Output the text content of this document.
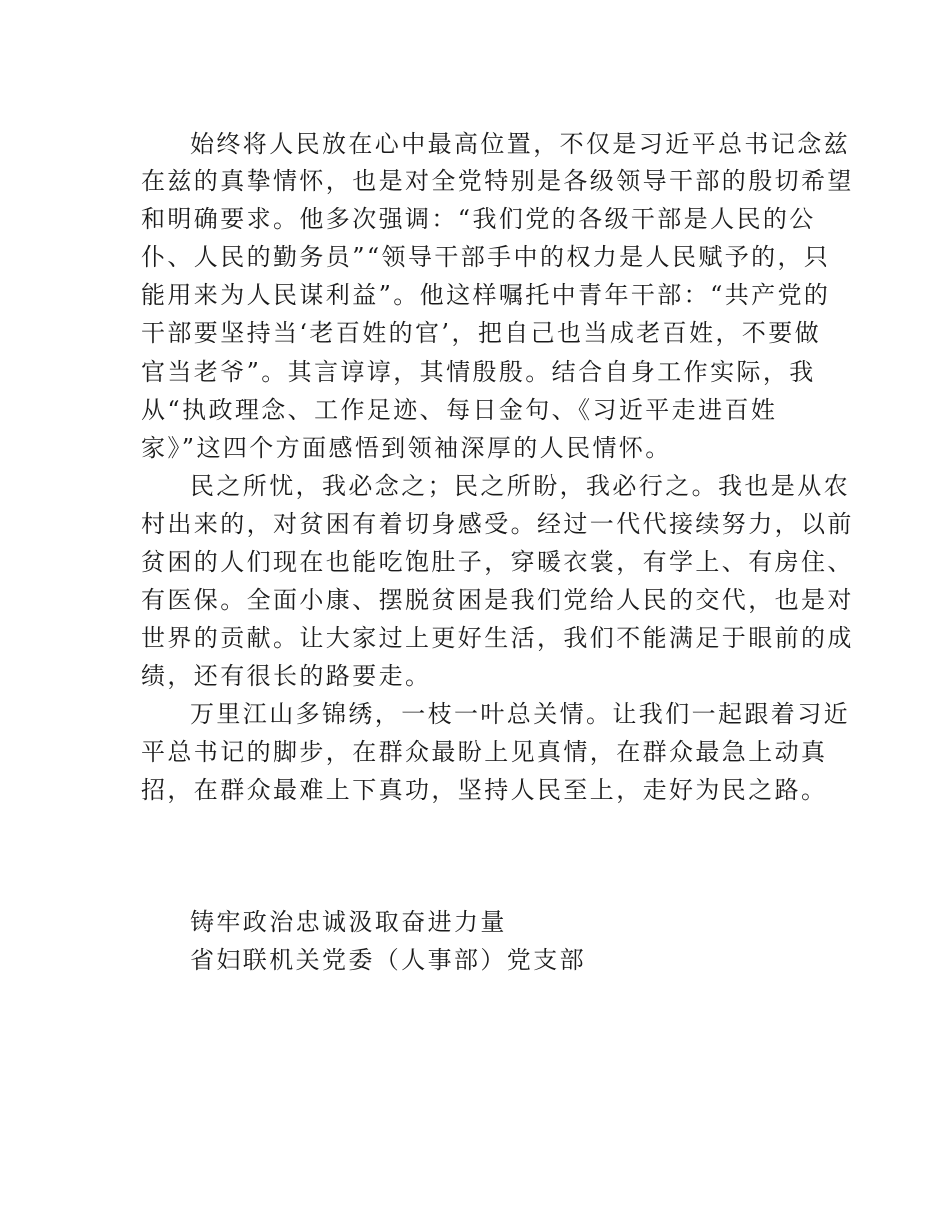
始终将人民放在心中最高位置，不仅是习近平总书记念兹
在兹的真挚情怀，也是对全党特别是各级领导干部的殷切希望
和明确要求。他多次强调：“我们党的各级干部是人民的公
仆、人民的勤务员”“领导干部手中的权力是人民赋予的，只
能用来为人民谋利益”。他这样嘱托中青年干部：“共产党的
干部要坚持当‘老百姓的官’，把自己也当成老百姓，不要做
官当老爷”。其言谆谆，其情殷殷。结合自身工作实际，我
从“执政理念、工作足迹、每日金句、《习近平走进百姓
家》”这四个方面感悟到领袖深厚的人民情怀。
民之所忧，我必念之；民之所盼，我必行之。我也是从农
村出来的，对贫困有着切身感受。经过一代代接续努力，以前
贫困的人们现在也能吃饱肚子，穿暖衣裳，有学上、有房住、
有医保。全面小康、摆脱贫困是我们党给人民的交代，也是对
世界的贡献。让大家过上更好生活，我们不能满足于眼前的成
绩，还有很长的路要走。
万里江山多锦绣，一枝一叶总关情。让我们一起跟着习近
平总书记的脚步，在群众最盼上见真情，在群众最急上动真
招，在群众最难上下真功，坚持人民至上，走好为民之路。
铸牢政治忠诚汲取奋进力量
省妇联机关党委（人事部）党支部
